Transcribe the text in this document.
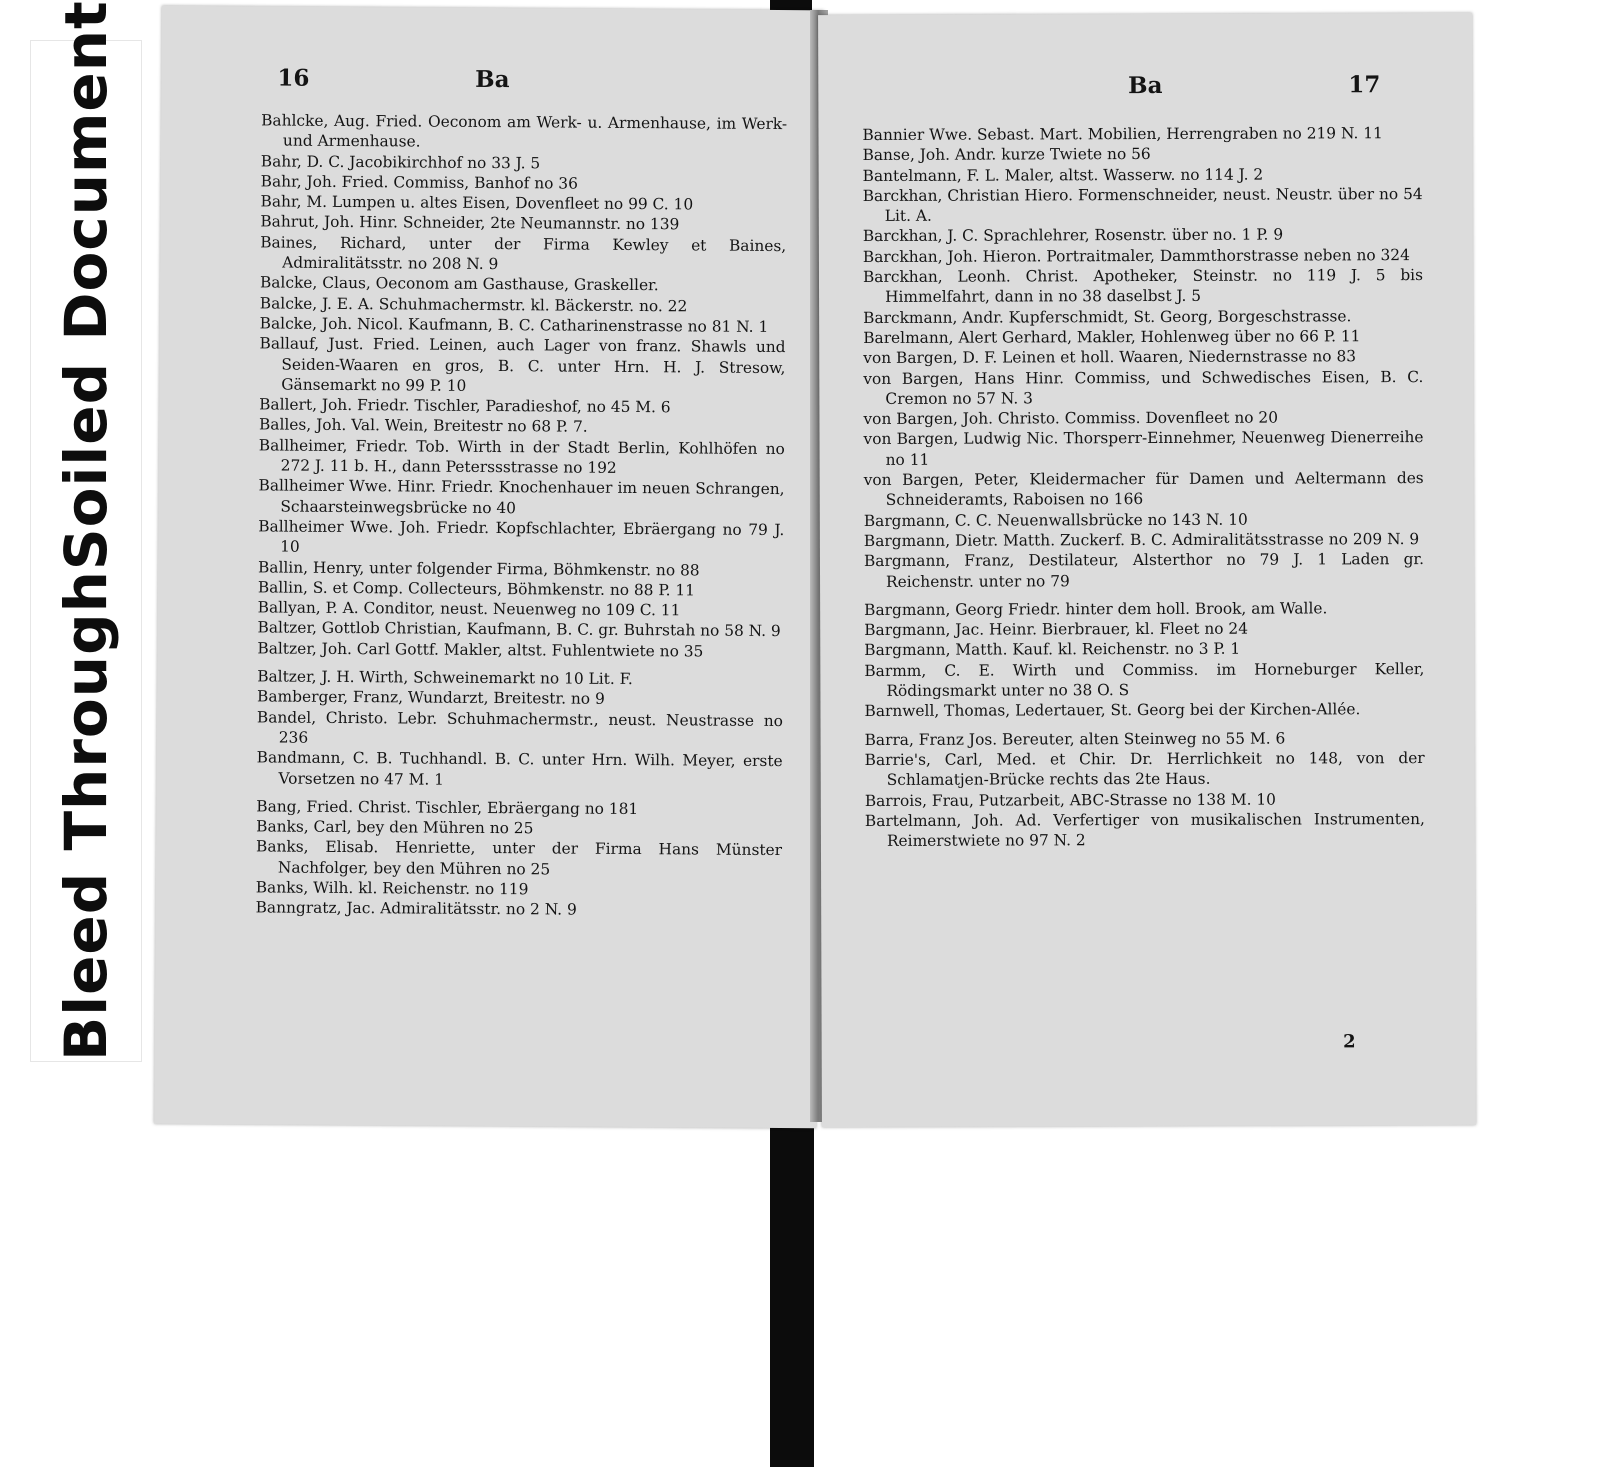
Bleed Through
Soiled Document	16	Ba
Bahlcke, Aug. Fried. Oeconom am Werk- u. Armenhause, im Werk- und Armenhause.
Bahr, D. C. Jacobikirchhof no 33 J. 5
Bahr, Joh. Fried. Commiss, Banhof no 36
Bahr, M. Lumpen u. altes Eisen, Dovenfleet no 99 C. 10
Bahrut, Joh. Hinr. Schneider, 2te Neumannstr. no 139
Baines, Richard, unter der Firma Kewley et Baines, Admiralitätsstr. no 208 N. 9
Balcke, Claus, Oeconom am Gasthause, Graskeller.
Balcke, J. E. A. Schuhmachermstr. kl. Bäckerstr. no. 22
Balcke, Joh. Nicol. Kaufmann, B. C. Catharinenstrasse no 81 N. 1
Ballauf, Just. Fried. Leinen, auch Lager von franz. Shawls und Seiden-Waaren en gros, B. C. unter Hrn. H. J. Stresow, Gänsemarkt no 99 P. 10
Ballert, Joh. Friedr. Tischler, Paradieshof, no 45 M. 6
Balles, Joh. Val. Wein, Breitestr no 68 P. 7.
Ballheimer, Friedr. Tob. Wirth in der Stadt Berlin, Kohlhöfen no 272 J. 11 b. H., dann Peterssstrasse no 192
Ballheimer Wwe. Hinr. Friedr. Knochenhauer im neuen Schrangen, Schaarsteinwegsbrücke no 40
Ballheimer Wwe. Joh. Friedr. Kopfschlachter, Ebräergang no 79 J. 10
Ballin, Henry, unter folgender Firma, Böhmkenstr. no 88
Ballin, S. et Comp. Collecteurs, Böhmkenstr. no 88 P. 11
Ballyan, P. A. Conditor, neust. Neuenweg no 109 C. 11
Baltzer, Gottlob Christian, Kaufmann, B. C. gr. Buhrstah no 58 N. 9
Baltzer, Joh. Carl Gottf. Makler, altst. Fuhlentwiete no 35
Baltzer, J. H. Wirth, Schweinemarkt no 10 Lit. F.
Bamberger, Franz, Wundarzt, Breitestr. no 9
Bandel, Christo. Lebr. Schuhmachermstr., neust. Neustrasse no 236
Bandmann, C. B. Tuchhandl. B. C. unter Hrn. Wilh. Meyer, erste Vorsetzen no 47 M. 1
Bang, Fried. Christ. Tischler, Ebräergang no 181
Banks, Carl, bey den Mühren no 25
Banks, Elisab. Henriette, unter der Firma Hans Münster Nachfolger, bey den Mühren no 25
Banks, Wilh. kl. Reichenstr. no 119
Banngratz, Jac. Admiralitätsstr. no 2 N. 9
Ba	17
Bannier Wwe. Sebast. Mart. Mobilien, Herrengraben no 219 N. 11
Banse, Joh. Andr. kurze Twiete no 56
Bantelmann, F. L. Maler, altst. Wasserw. no 114 J. 2
Barckhan, Christian Hiero. Formenschneider, neust. Neustr. über no 54 Lit. A.
Barckhan, J. C. Sprachlehrer, Rosenstr. über no. 1 P. 9
Barckhan, Joh. Hieron. Portraitmaler, Dammthorstrasse neben no 324
Barckhan, Leonh. Christ. Apotheker, Steinstr. no 119 J. 5 bis Himmelfahrt, dann in no 38 daselbst J. 5
Barckmann, Andr. Kupferschmidt, St. Georg, Borgeschstrasse.
Barelmann, Alert Gerhard, Makler, Hohlenweg über no 66 P. 11
von Bargen, D. F. Leinen et holl. Waaren, Niedernstrasse no 83
von Bargen, Hans Hinr. Commiss, und Schwedisches Eisen, B. C. Cremon no 57 N. 3
von Bargen, Joh. Christo. Commiss. Dovenfleet no 20
von Bargen, Ludwig Nic. Thorsperr-Einnehmer, Neuenweg Dienerreihe no 11
von Bargen, Peter, Kleidermacher für Damen und Aeltermann des Schneideramts, Raboisen no 166
Bargmann, C. C. Neuenwallsbrücke no 143 N. 10
Bargmann, Dietr. Matth. Zuckerf. B. C. Admiralitätsstrasse no 209 N. 9
Bargmann, Franz, Destilateur, Alsterthor no 79 J. 1 Laden gr. Reichenstr. unter no 79
Bargmann, Georg Friedr. hinter dem holl. Brook, am Walle.
Bargmann, Jac. Heinr. Bierbrauer, kl. Fleet no 24
Bargmann, Matth. Kauf. kl. Reichenstr. no 3 P. 1
Barmm, C. E. Wirth und Commiss. im Horneburger Keller, Rödingsmarkt unter no 38 O. S
Barnwell, Thomas, Ledertauer, St. Georg bei der Kirchen-Allée.
Barra, Franz Jos. Bereuter, alten Steinweg no 55 M. 6
Barrie's, Carl, Med. et Chir. Dr. Herrlichkeit no 148, von der Schlamatjen-Brücke rechts das 2te Haus.
Barrois, Frau, Putzarbeit, ABC-Strasse no 138 M. 10
Bartelmann, Joh. Ad. Verfertiger von musikalischen Instrumenten, Reimerstwiete no 97 N. 2
2
